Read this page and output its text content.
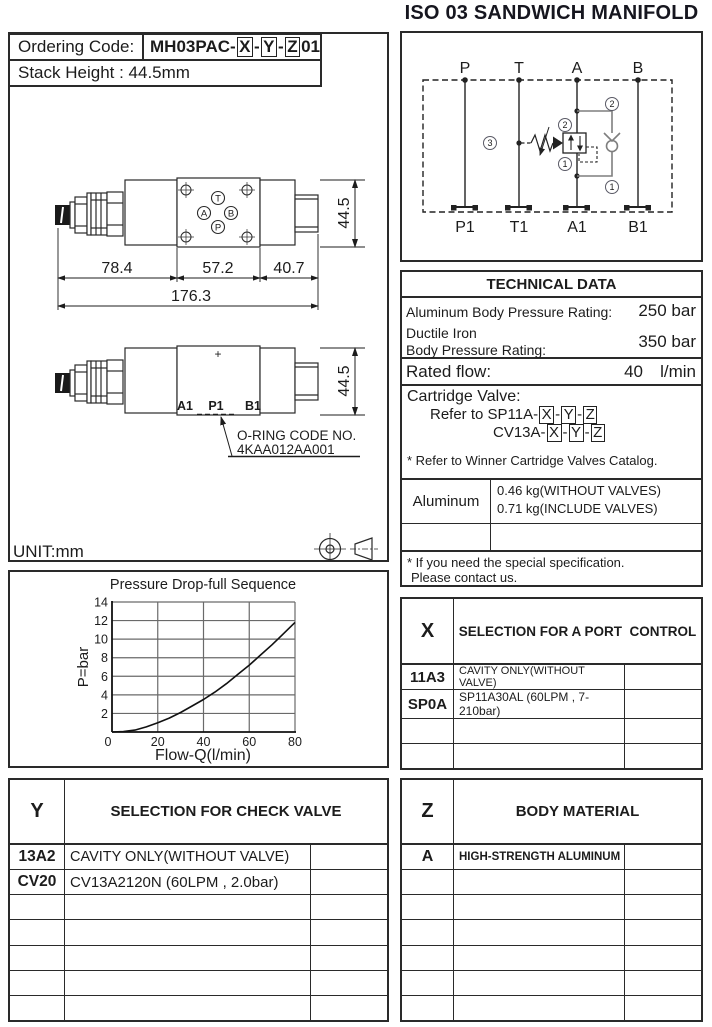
ISO 03 SANDWICH MANIFOLD
Ordering Code: MH03PAC- X - Y - Z 01
Stack Height : 44.5mm
T
A B
P
78.4	57.2 40.7
176.3
+
A1 P1 B1
O-RING CODE NO.
4KAA012AA001
UNIT:mm
3
2
2
1
1
P	T	A	B
P1 T1 A1	B1
TECHNICAL DATA
Aluminum Body Pressure Rating: 250 bar
Ductile Iron
Body Pressure Rating:	350 bar
Rated flow:	40 l/min
Cartridge Valve:
Refer to SP11A- X - Y - Z
CV13A- X - Y - Z
* Refer to Winner Cartridge Valves Catalog.
Aluminum
0.46 kg(WITHOUT VALVES)
0.71 kg(INCLUDE VALVES)
* If you need the special specification.
Please contact us.
2
4
6
8
10
12
14
0	20	40	60	80
Pressure Drop-full Sequence
Flow-Q(l/min)
P=bar
X	SELECTION FOR A PORT  CONTROL
11A3	CAVITY ONLY(WITHOUT VALVE)
SP0A SP11A30AL (60LPM , 7-210bar)
Y	SELECTION FOR CHECK VALVE
13A2 CAVITY ONLY(WITHOUT VALVE)
CV20 CV13A2120N (60LPM , 2.0bar)
Z	BODY MATERIAL
A	HIGH-STRENGTH ALUMINUM
